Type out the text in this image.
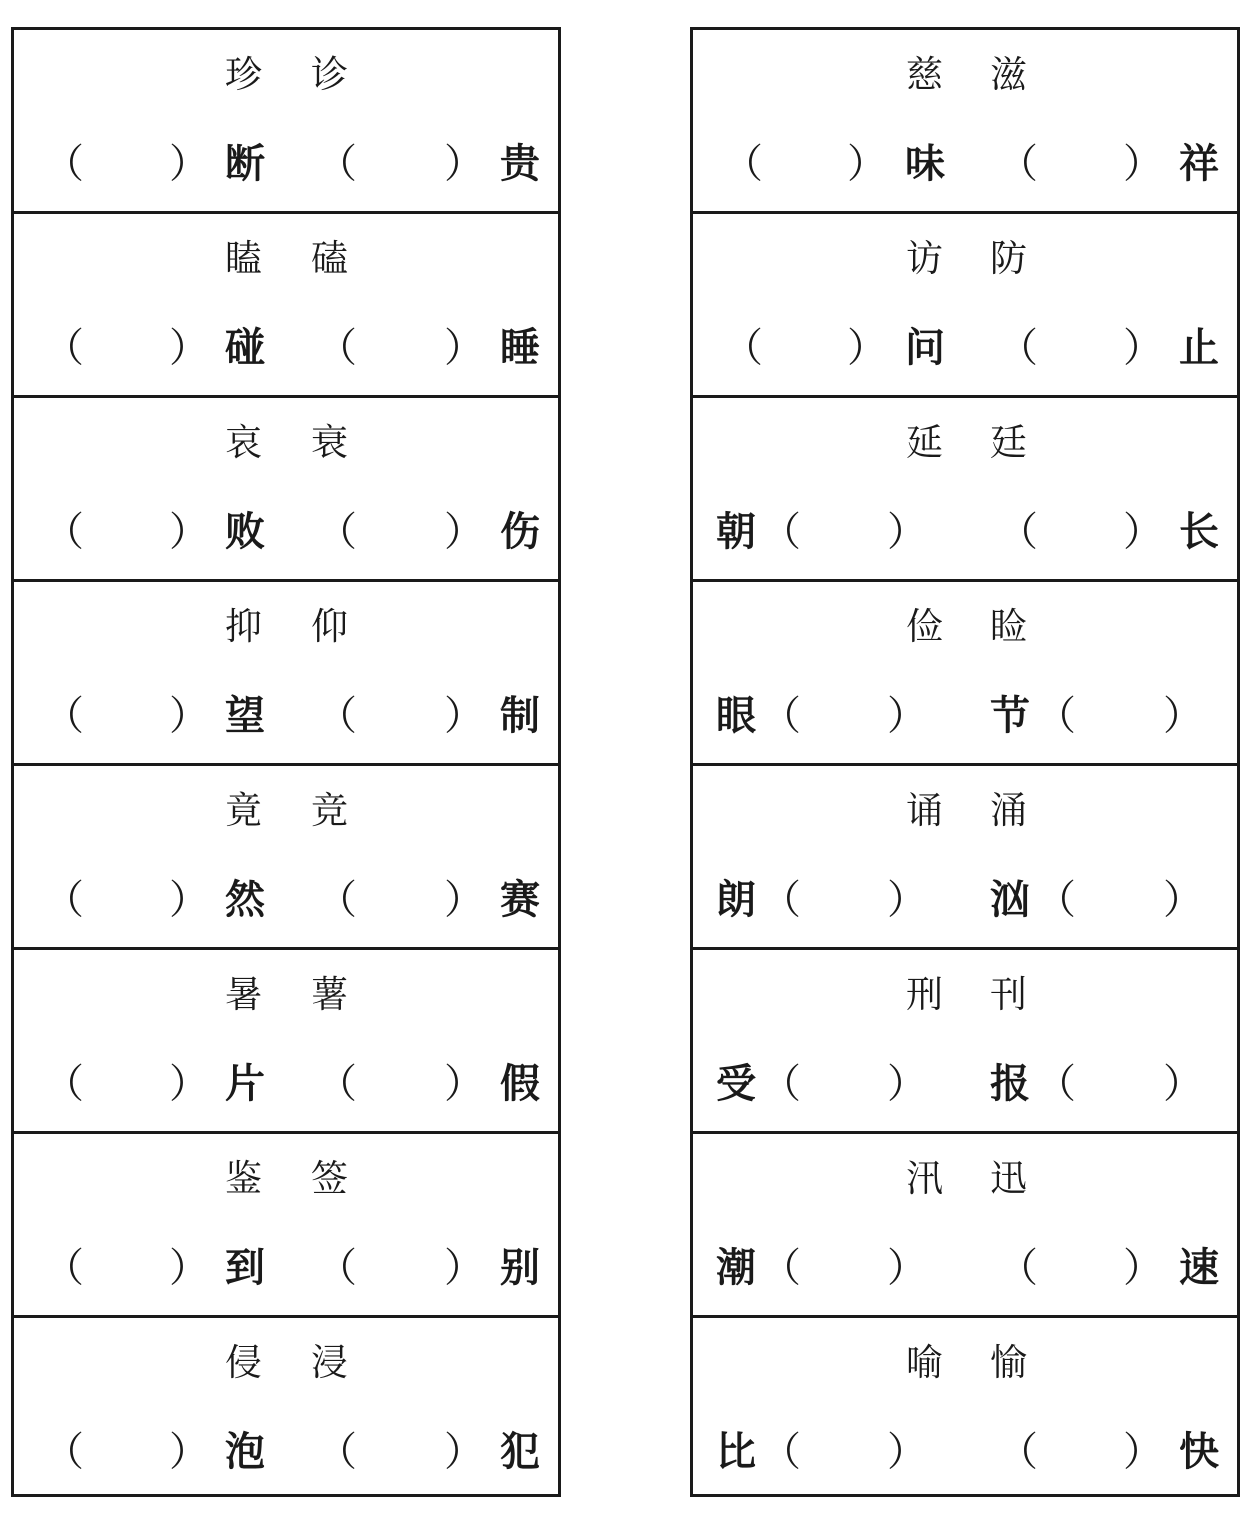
珍 诊
（ ） 断 （ ） 贵
瞌 磕
（ ） 碰 （ ） 睡
哀 衰
（ ） 败 （ ） 伤
抑 仰
（ ） 望 （ ） 制
竟 竞
（ ） 然 （ ） 赛
暑 薯
（ ） 片 （ ） 假
鉴 签
（ ） 到 （ ） 别
侵 浸
（ ） 泡 （ ） 犯
慈 滋
（ ） 味 （ ） 祥
访 防
（ ） 问 （ ） 止
延 廷
朝 （ ） （ ） 长
俭 睑
眼 （ ） 节 （ ）
诵 涌
朗 （ ） 汹 （ ）
刑 刊
受 （ ） 报 （ ）
汛 迅
潮 （ ） （ ） 速
喻 愉
比 （ ） （ ） 快
